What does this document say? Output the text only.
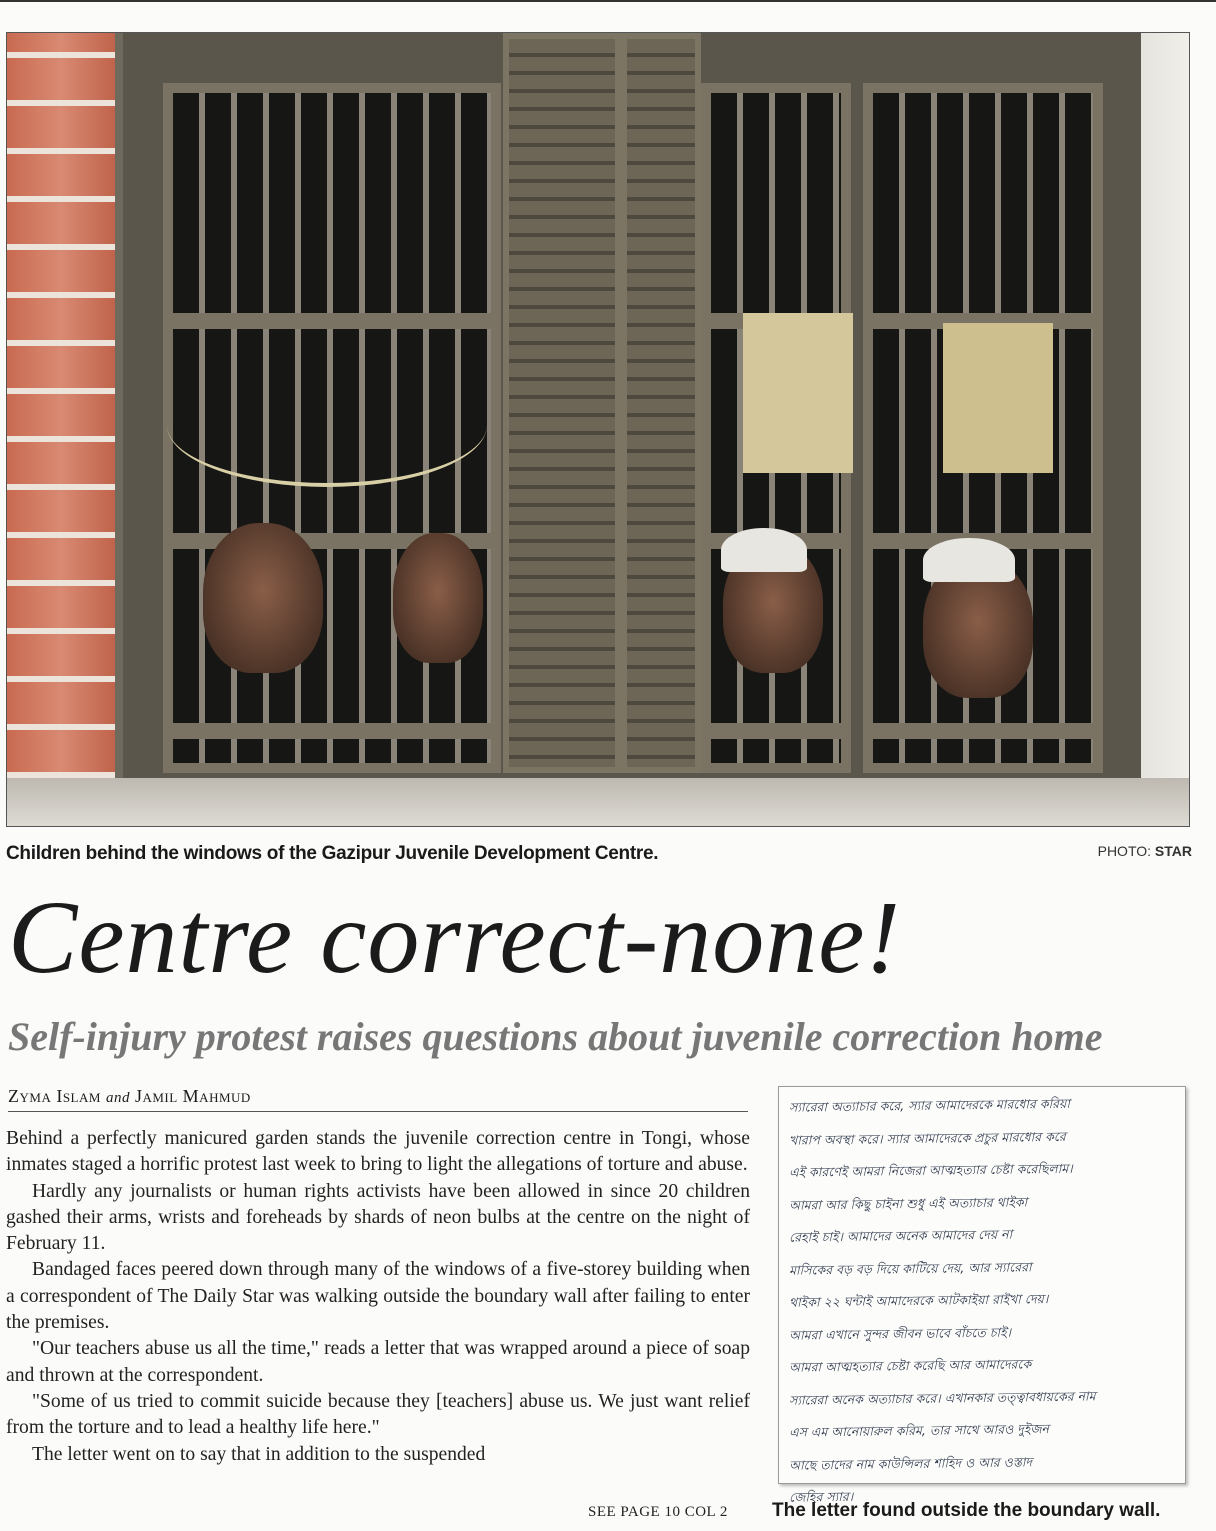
Children behind the windows of the Gazipur Juvenile Development Centre.	PHOTO: STAR
Centre correct-none!
Self-injury protest raises questions about juvenile correction home
Zyma Islam and Jamil Mahmud

Behind a perfectly manicured garden stands the juvenile correction centre in Tongi, whose inmates staged a horrific protest last week to bring to light the allegations of torture and abuse.

Hardly any journalists or human rights activists have been allowed in since 20 children gashed their arms, wrists and foreheads by shards of neon bulbs at the centre on the night of February 11.

Bandaged faces peered down through many of the windows of a five-storey building when a correspondent of The Daily Star was walking outside the boundary wall after failing to enter the premises.

"Our teachers abuse us all the time," reads a letter that was wrapped around a piece of soap and thrown at the correspondent.

"Some of us tried to commit suicide because they [teachers] abuse us. We just want relief from the torture and to lead a healthy life here."

The letter went on to say that in addition to the suspended

SEE PAGE 10 COL 2
স্যারেরা অত্যাচার করে, স্যার আমাদেরকে মারধোর করিয়া
খারাপ অবস্থা করে। স্যার আমাদেরকে প্রচুর মারধোর করে
এই কারণেই আমরা নিজেরা আত্মহত্যার চেষ্টা করেছিলাম।
আমরা আর কিছু চাইনা শুধু এই অত্যাচার থাইকা
রেহাই চাই। আমাদের অনেক আমাদের দেয় না
মাসিকের বড় বড় দিয়ে কাটিয়ে দেয়, আর স্যারেরা
থাইকা ২২ ঘন্টাই আমাদেরকে আটকাইয়া রাইখা দেয়।
আমরা এখানে সুন্দর জীবন ভাবে বাঁচতে চাই।
আমরা আত্মহত্যার চেষ্টা করেছি আর আমাদেরকে
স্যারেরা অনেক অত্যাচার করে। এখানকার তত্ত্বাবধায়কের নাম
এস এম আনোয়ারুল করিম, তার সাথে আরও দুইজন
আছে তাদের নাম কাউন্সিলর শাহিদ ও আর ওস্তাদ
জেহির স্যার।
The letter found outside the boundary wall.
